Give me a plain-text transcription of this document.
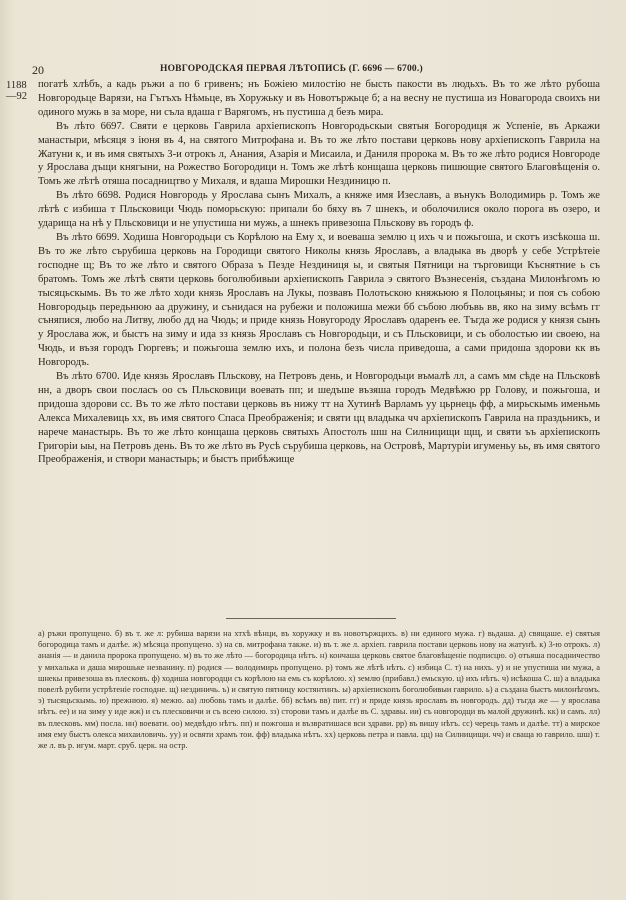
20	НОВГОРОДСКАЯ ПЕРВАЯ ЛѢТОПИСЬ (Г. 6696 — 6700.)
1188 —92

погатѣ хлѣбъ, а кадь ръжи а по 6 гривенъ; нъ Божiею милостiю не бысть пакости въ людьхъ. Въ то же лѣто рубоша Новгородьце Варязи, на Гътъхъ Нѣмьце, въ Хоружьку и въ Новотържьце б; а на весну не пустиша из Новагорода своихъ ни одиного мужь в за море, ни съла вдаша г Варягомъ, нъ пустиша д безъ мира.

Въ лѣто 6697. Святи е церковь Гаврила архiепископъ Новгородьскыи святыя Богородиця ж Успенiе, въ Аркажи манастыри, мѣсяця з iюня въ 4, на святого Митрофана и. Въ то же лѣто постави церковь нову архiепископъ Гаврила на Жатуни к, и въ имя святыхъ 3-и отрокъ л, Анания, Азарiя и Мисаила, и Даниля пророка м. Въ то же лѣто родися Новгороде у Ярослава дъщи княгыни, на Рожество Богородици н. Томъ же лѣтѣ конщаша церковь пишющие святого Благовѣщенiя о. Томъ же лѣтѣ отяша посадництво у Михаля, и вдаша Мирошки Нездиницю п.

Въ лѣто 6698. Родися Новгородь у Ярослава сынъ Михалъ, а княже имя Изеславъ, а вънукъ Володимирь р. Томъ же лѣтѣ с избиша т Пльсковици Чюдь поморьскую: припали бо бяху въ 7 шнекъ, и оболочилися около порога въ озеро, и ударища на нѣ у Пльсковици и не упустиша ни мужь, а шнекъ привезоша Пльскову въ городъ ф.

Въ лѣто 6699. Ходиша Новгородьци съ Корѣлою на Ему х, и воеваша землю ц ихъ ч и пожьгоша, и скотъ изсѣкоша ш. Въ то же лѣто сърубиша церковь на Городищи святого Николы князь Ярославъ, а владыка въ дворѣ у себе Устрѣтеiе господне щ; Въ то же лѣто и святого Образа ъ Пезде Нездиниця ы, и святыя Пятници на търговищи Къснятние ь съ братомъ. Томъ же лѣтѣ святи церковь боголюбивыи архiепископъ Гаврила э святого Възнесенiя, създана Милонѣгомъ ю тысяцьскымь. Въ то же лѣто ходи князь Ярославъ на Лукы, позвавъ Полотьскою княжьюю я Полоцьяны; и поя съ собою Новгородьць передьнюю аа дружину, и сънидася на рубежи и положиша межи бб събою любъвь вв, яко на зиму всѣмъ гг съняпися, любо на Литву, любо дд на Чюдь; и приде князь Новугороду Ярославъ одаренъ ее. Тъгда же родися у князя сынъ у Ярослава жж, и быстъ на зиму и ида зз князь Ярославъ съ Новгородьци, и съ Пльсковици, и съ оболостью ии своею, на Чюдь, и възя городъ Гюргевъ; и пожьгоша землю ихъ, и полона безъ числа приведоша, а сами придоша здорови кк въ Новгородъ.

Въ лѣто 6700. Иде князь Ярославъ Пльскову, на Петровъ день, и Новгородьци въмалѣ лл, а самъ мм сѣде на Пльсковѣ нн, а дворъ свои посласъ оо съ Пльсковици воевать пп; и шедъше възяша городъ Медвѣжю рр Голову, и пожьгоша, и придоша здорови сс. Въ то же лѣто постави церковь въ нижу тт на Хутинѣ Варламъ уу цьрнець фф, а мирьскымь именьмь Алекса Михалевиць хх, въ имя святого Спаса Преображенiя; и святи цц владыка чч архiепископъ Гаврила на праздьникъ, и нарече манастырь. Въ то же лѣто конщаша церковь святыхъ Апостолъ шш на Силницищи щщ, и святи ъъ архiепископъ Григорiи ыы, на Петровъ день. Въ то же лѣто въ Русѣ сърубиша церковь, на Островѣ, Мартурiи игуменьу ьь, въ имя святого Преображенiя, и створи манастырь; и быстъ прибѣжище

а) ръжи пропущено. б) въ т. же л: рубиша варязи на хтхѣ вѣнци, въ хоружку и въ новотържцихъ. в) ни единого мужа. г) вьдаша. д) свящаше. е) святыя богородица тамъ и далѣе. ж) мѣсяца пропущено. з) на св. митрофана также. и) въ т. же л. архiеп. гаврила постави церковь нову на жатунѣ. к) 3-ю отрокъ. л) ананiя — и данила пророка пропущено. м) въ то же лѣто — богородица нѣтъ. н) кончаша церковь святое благовѣщенiе подписцю. о) отъяша посадничество у михалька и даша мирошьке незванину. п) родися — володимирь пропущено. р) томъ же лѣтѣ нѣтъ. с) избица С. т) на нихъ. у) и не упустиша ни мужа, а шнекы привезоша въ плесковъ. ф) ходиша новгородци съ корѣлою на емь съ корѣлою. х) землю (прибавл.) емьскую. ц) ихъ нѣтъ. ч) исѣкоша С. ш) а владыка повелѣ рубити устрѣтенiе господне. щ) нездиничь. ъ) и святую пятницу костянтинъ. ы) архiепископъ боголюбивыи гаврило. ь) а създана быстъ милонѣгомъ. э) тысяцьскымь. ю) прежнюю. я) межю. аа) любовь тамъ и далѣе. бб) всѣмъ вв) пит. гг) и приде князь ярославъ въ новгородъ. дд) тъгда же — у ярослава нѣтъ. ее) и на зиму у иде жж) и съ плесковичи и съ всею силою. зз) сторови тамъ и далѣе въ С. здравы. ии) съ новгородци въ малой дружинѣ. кк) и самъ. лл) въ плесковъ. мм) посла. нн) воевати. оо) медвѣдю нѣтъ. пп) и пожгоша и възвратишася вси здрави. рр) въ вишу нѣтъ. сс) черець тамъ и далѣе. тт) а мирское имя ему быстъ олекса михаиловичь. уу) и освяти храмъ тои. фф) владыка нѣтъ. хх) церковь петра и павла. цц) на Силницищи. чч) и сваща ю гаврило. шш) т. же л. въ р. игум. март. сруб. церк. на остр.
